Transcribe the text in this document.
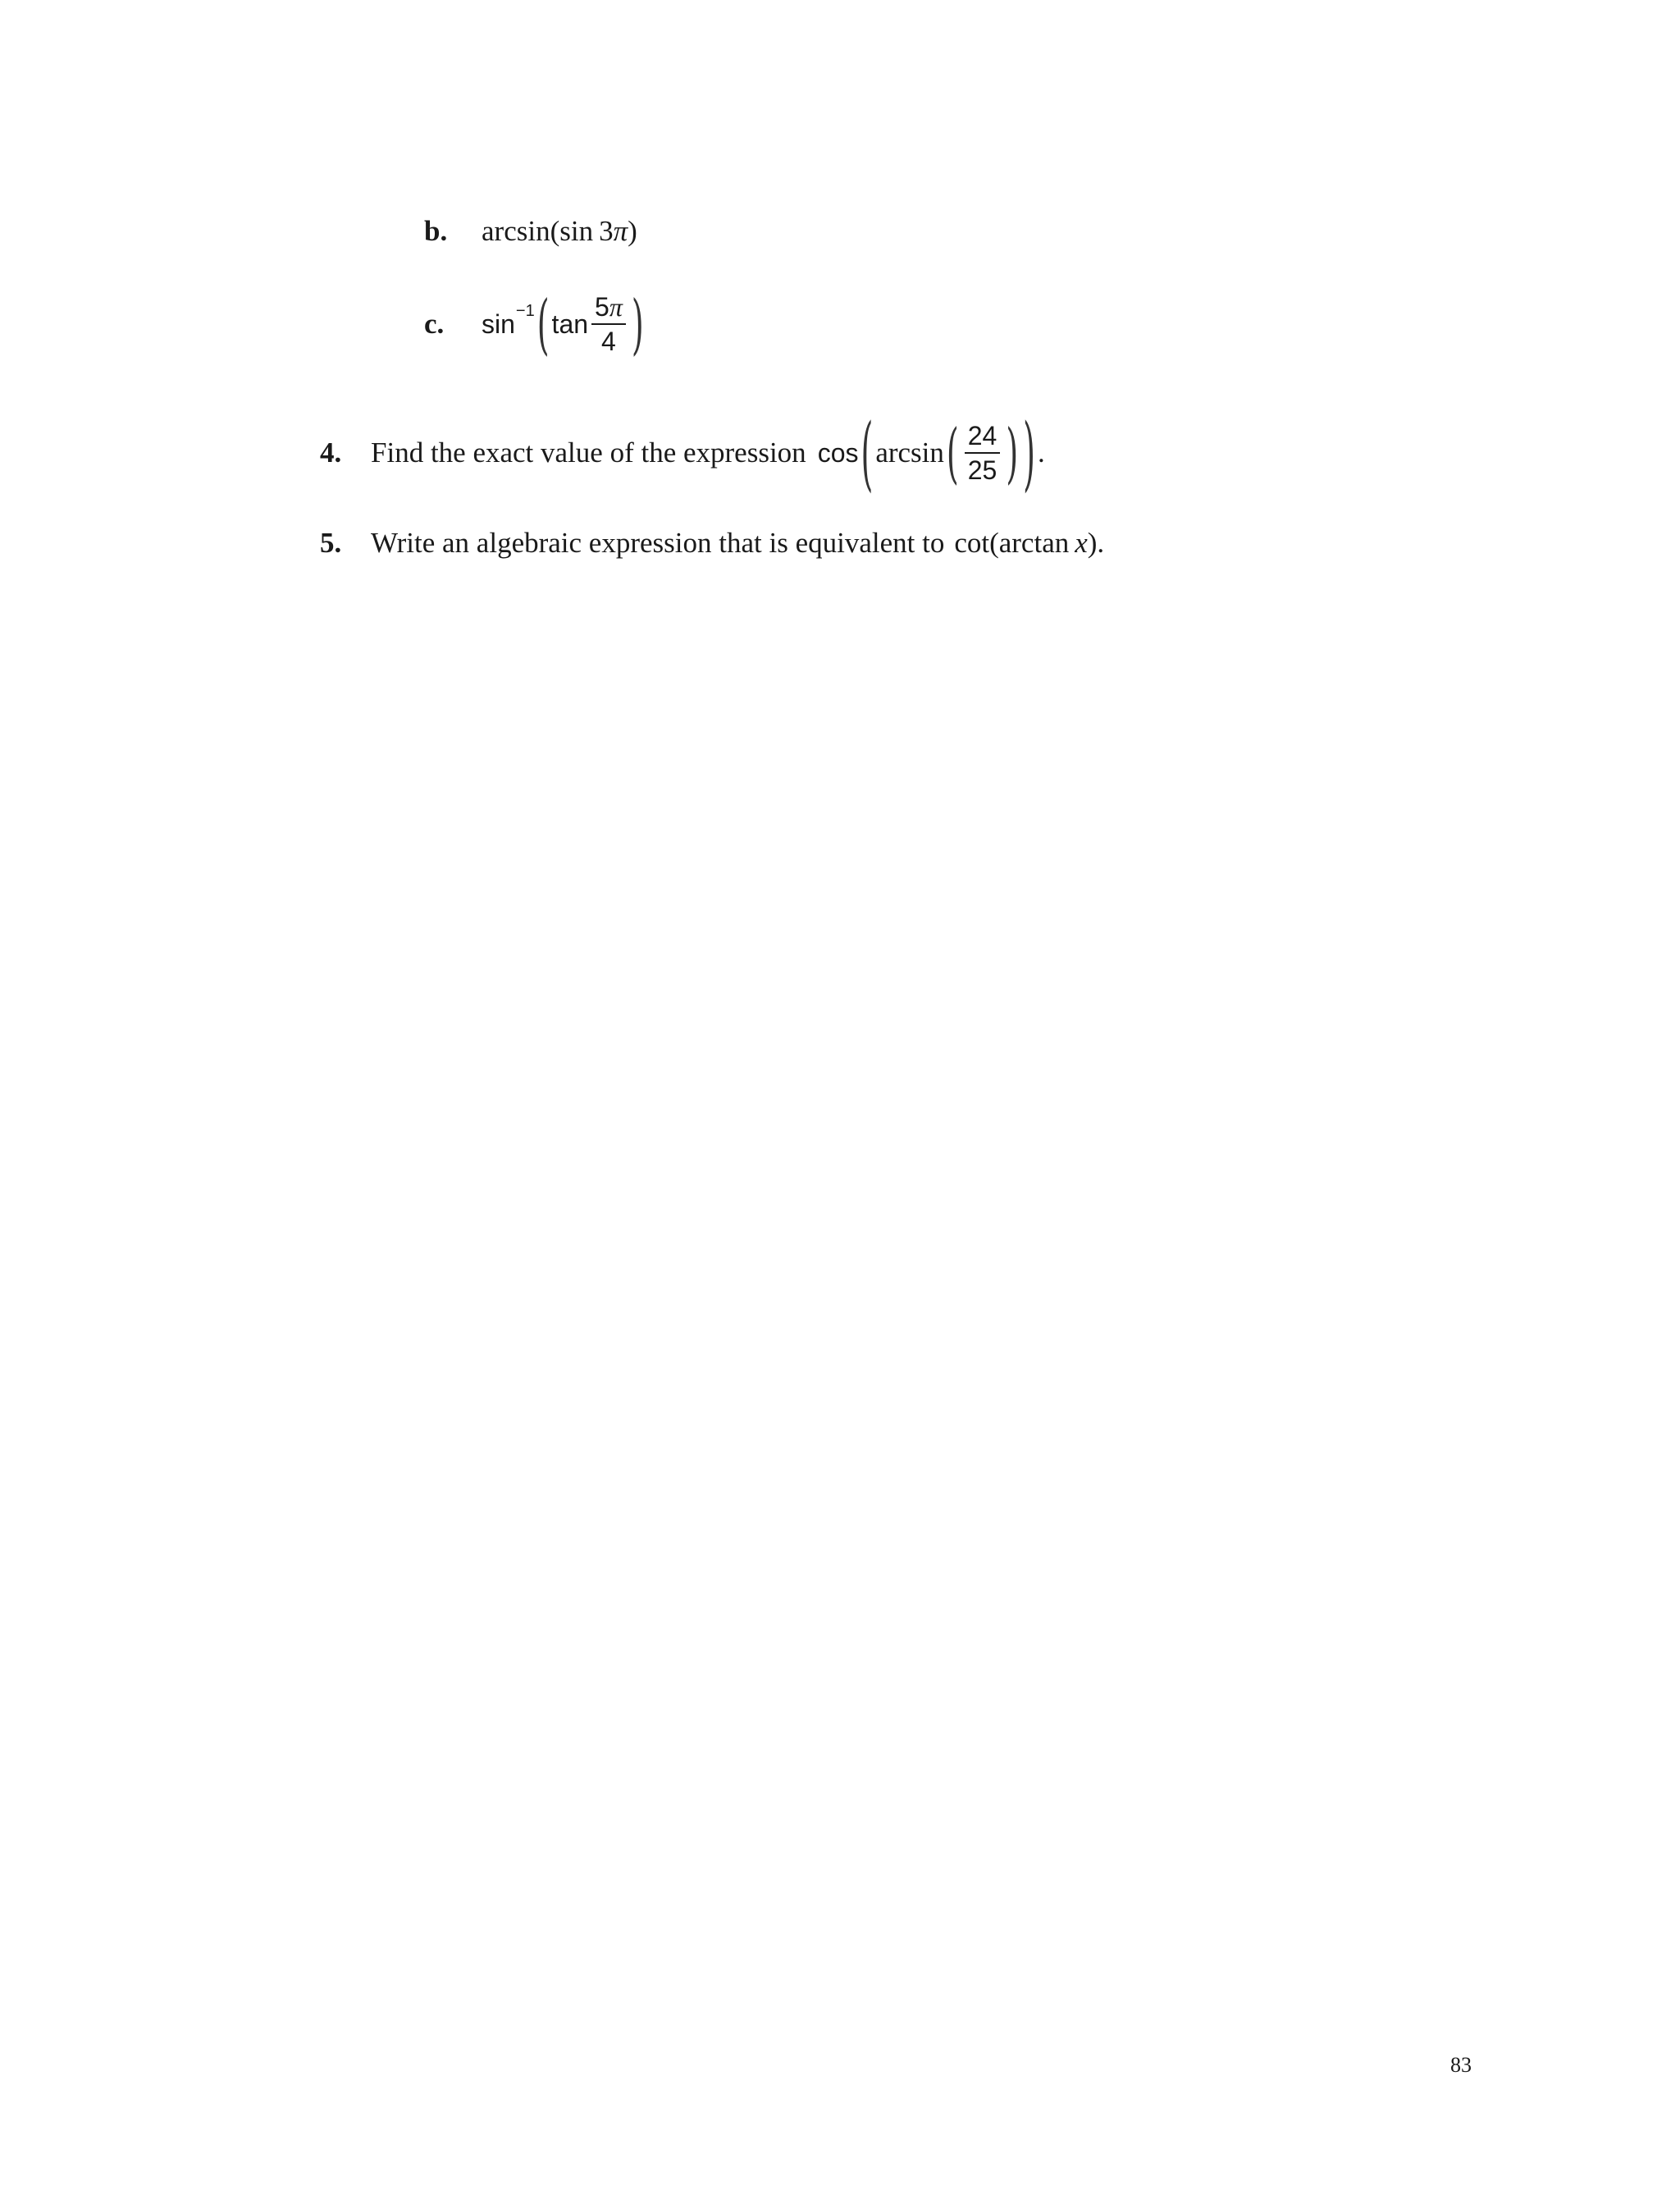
b.	arcsin(sin 3 π )
c.	sin −1 ( $\tan \frac{5\pi}{4}$ )
4.	Find the exact value of the expression cos ( arcsin ( $\frac{24}{25}$ ) ) .
5.	Write an algebraic expression that is equivalent to cot(arctan  x ).
83
